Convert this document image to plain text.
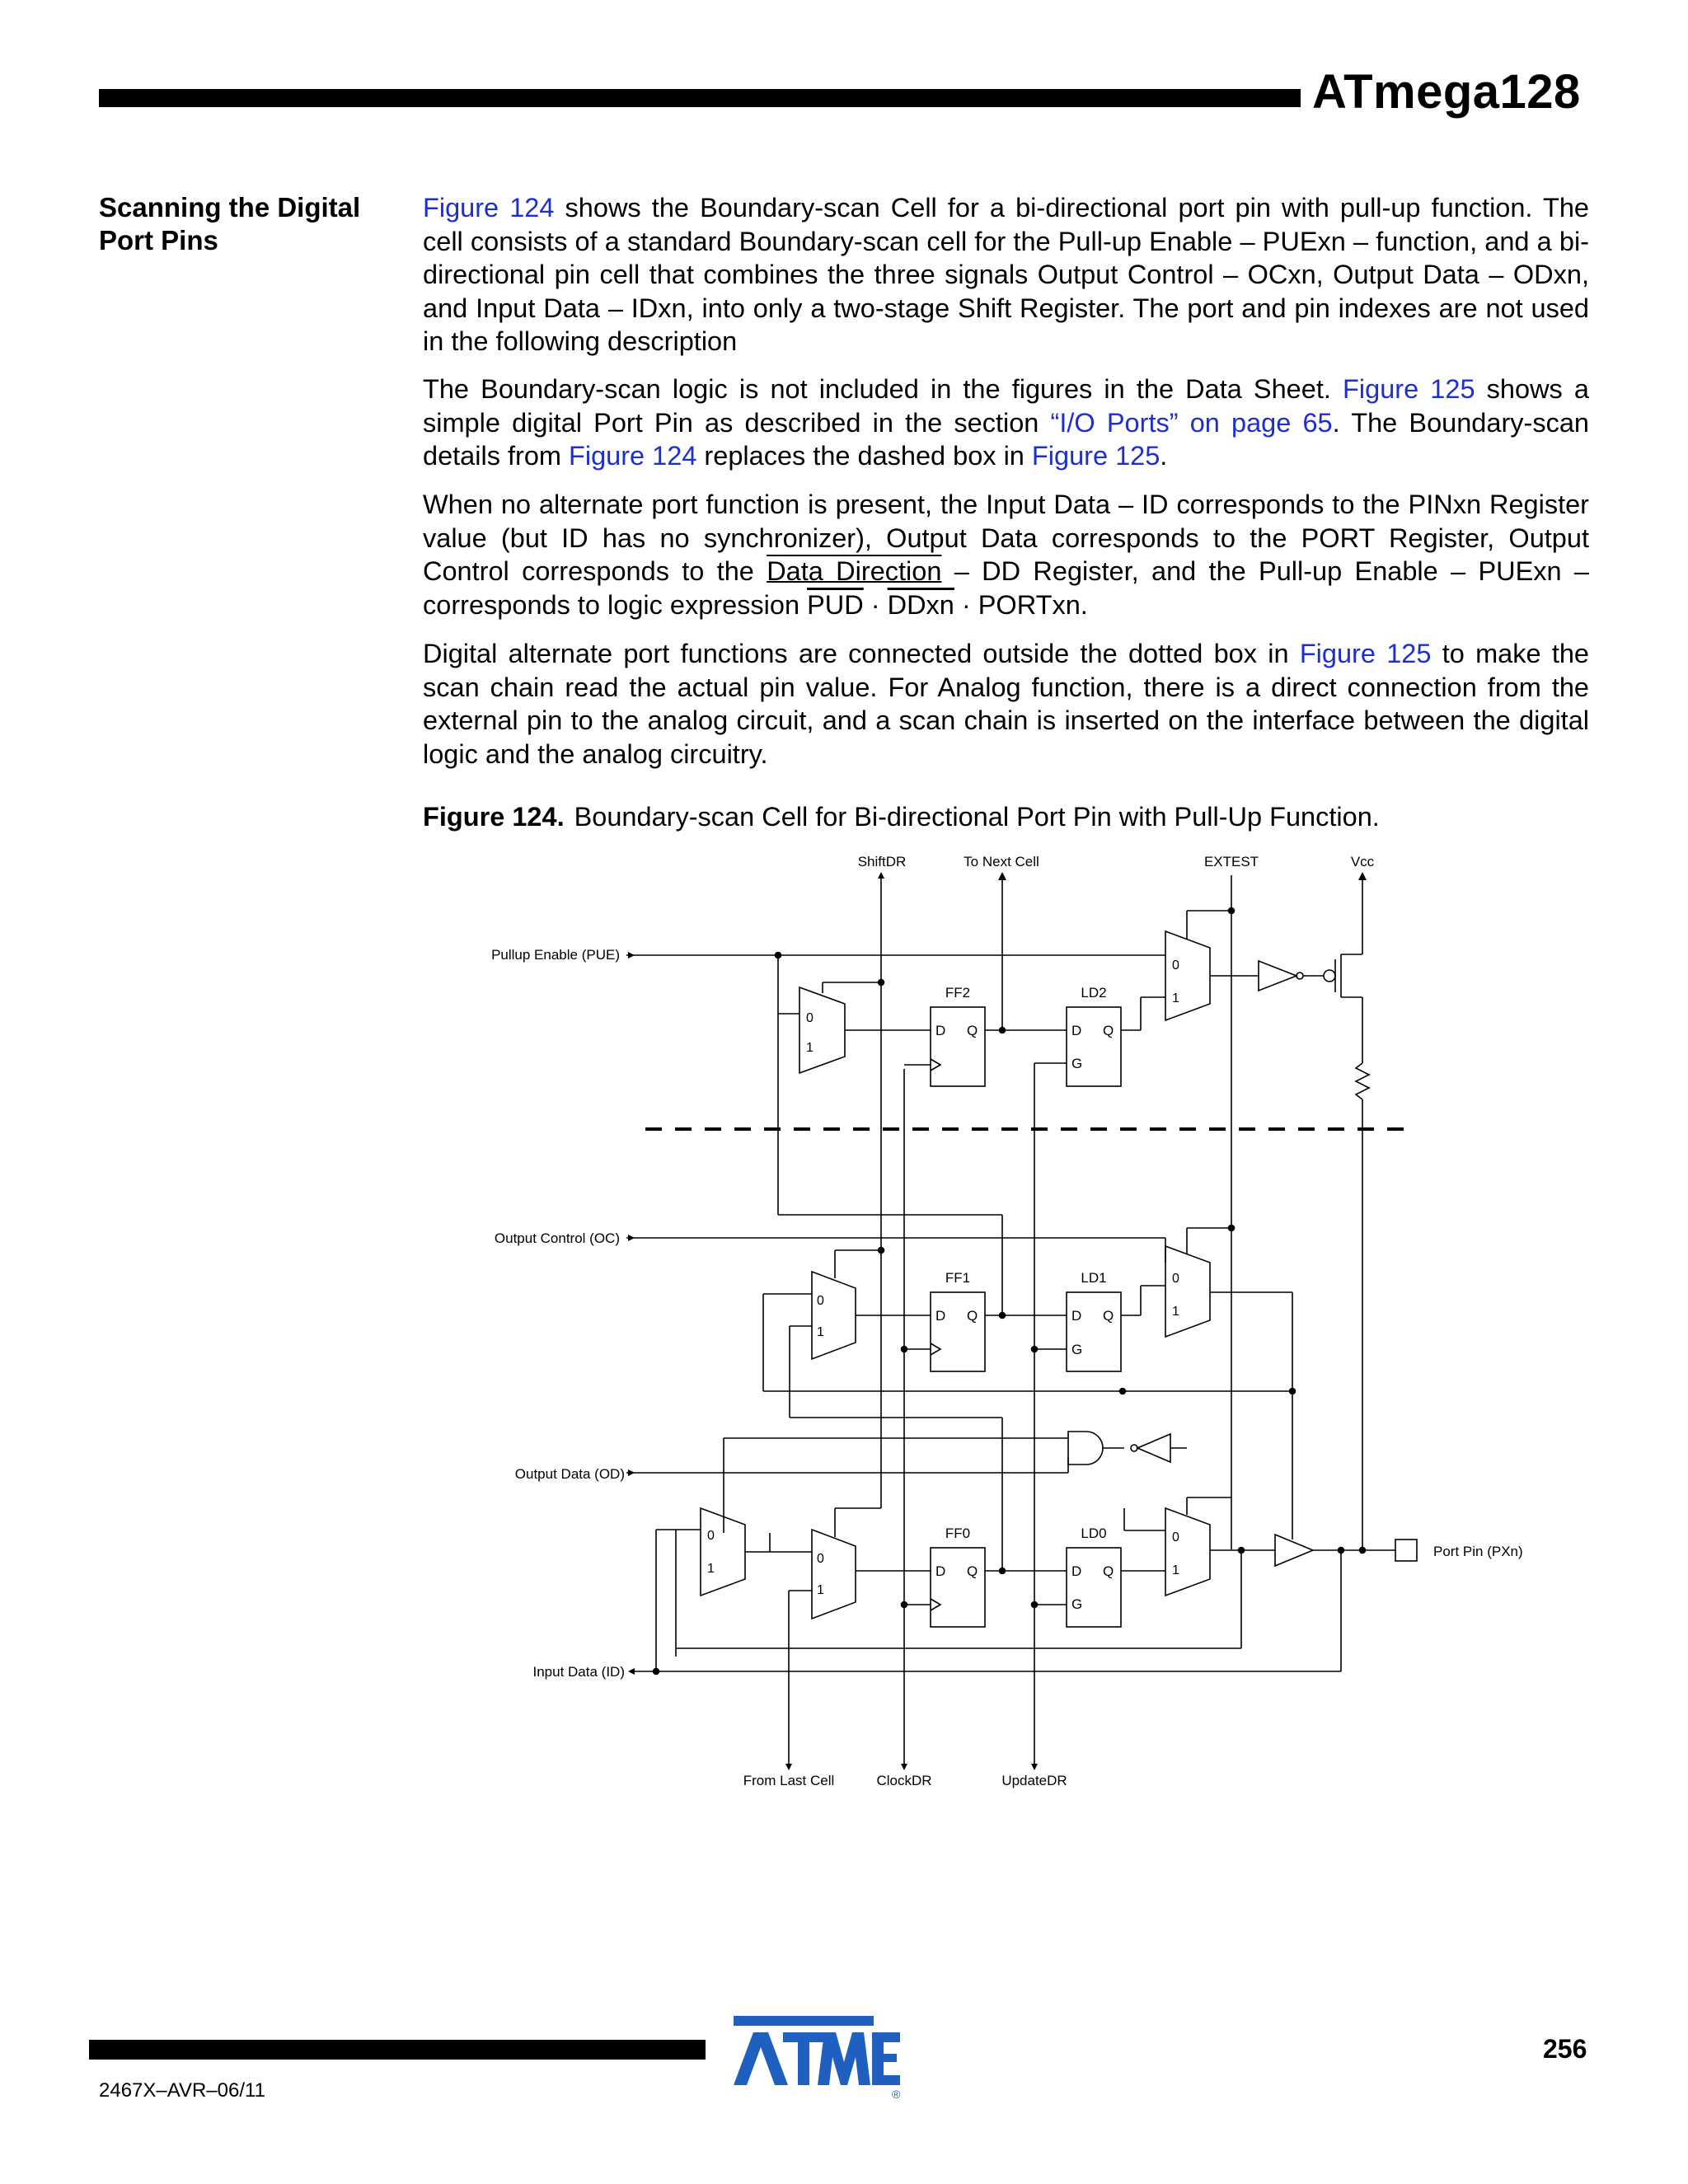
ATmega128
Scanning the Digital Port Pins
Figure 124 shows the Boundary-scan Cell for a bi-directional port pin with pull-up function. The cell consists of a standard Boundary-scan cell for the Pull-up Enable – PUExn – function, and a bi-directional pin cell that combines the three signals Output Control – OCxn, Output Data – ODxn, and Input Data – IDxn, into only a two-stage Shift Register. The port and pin indexes are not used in the following description
The Boundary-scan logic is not included in the figures in the Data Sheet. Figure 125 shows a simple digital Port Pin as described in the section “I/O Ports” on page 65. The Boundary-scan details from Figure 124 replaces the dashed box in Figure 125.
When no alternate port function is present, the Input Data – ID corresponds to the PINxn Register value (but ID has no synchronizer), Output Data corresponds to the PORT Register, Output Control corresponds to the Data Direction – DD Register, and the Pull-up Enable – PUExn – corresponds to logic expression $\overline{PUD}$ · DDxn · PORTxn.
Digital alternate port functions are connected outside the dotted box in Figure 125 to make the scan chain read the actual pin value. For Analog function, there is a direct connection from the external pin to the analog circuit, and a scan chain is inserted on the interface between the digital logic and the analog circuitry.
Figure 124. Boundary-scan Cell for Bi-directional Port Pin with Pull-Up Function.
ShiftDR	To Next Cell	EXTEST	Vcc
Pullup Enable (PUE)
Output Control (OC)
Output Data (OD)
Input Data (ID)
Port Pin (PXn)
From Last Cell	ClockDR	UpdateDR
0
1
D Q
FF2
D Q
G
LD2
0
1
0
1
D Q
FF1
D Q
G
LD1	0
1
0
1
0
1
D Q
FF0
D Q
G
LD0	0
1
®
256
2467X–AVR–06/11
